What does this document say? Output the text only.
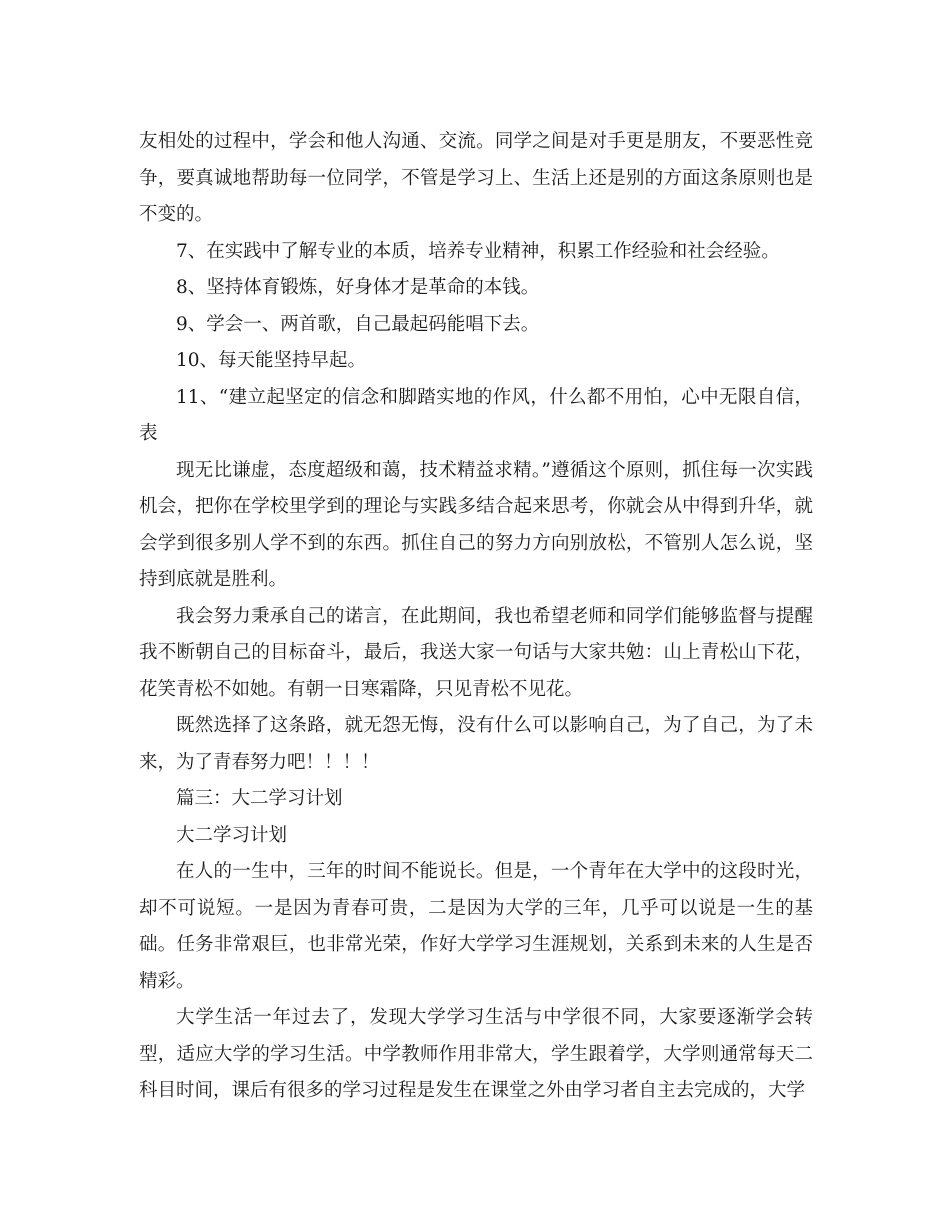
友相处的过程中，学会和他人沟通、交流。同学之间是对手更是朋友，不要恶性竞争，要真诚地帮助每一位同学，不管是学习上、生活上还是别的方面这条原则也是不变的。

7、在实践中了解专业的本质，培养专业精神，积累工作经验和社会经验。

8、坚持体育锻炼，好身体才是革命的本钱。

9、学会一、两首歌，自己最起码能唱下去。

10、每天能坚持早起。

11、“建立起坚定的信念和脚踏实地的作风，什么都不用怕，心中无限自信，表

现无比谦虚，态度超级和蔼，技术精益求精。”遵循这个原则，抓住每一次实践机会，把你在学校里学到的理论与实践多结合起来思考，你就会从中得到升华，就会学到很多别人学不到的东西。抓住自己的努力方向别放松，不管别人怎么说，坚持到底就是胜利。

我会努力秉承自己的诺言，在此期间，我也希望老师和同学们能够监督与提醒我不断朝自己的目标奋斗，最后，我送大家一句话与大家共勉：山上青松山下花，花笑青松不如她。有朝一日寒霜降，只见青松不见花。

既然选择了这条路，就无怨无悔，没有什么可以影响自己，为了自己，为了未来，为了青春努力吧！！！！

篇三：大二学习计划

大二学习计划

在人的一生中，三年的时间不能说长。但是，一个青年在大学中的这段时光，却不可说短。一是因为青春可贵，二是因为大学的三年，几乎可以说是一生的基础。任务非常艰巨，也非常光荣，作好大学学习生涯规划，关系到未来的人生是否精彩。

大学生活一年过去了，发现大学学习生活与中学很不同，大家要逐渐学会转型，适应大学的学习生活。中学教师作用非常大，学生跟着学，大学则通常每天二科目时间，课后有很多的学习过程是发生在课堂之外由学习者自主去完成的，大学
